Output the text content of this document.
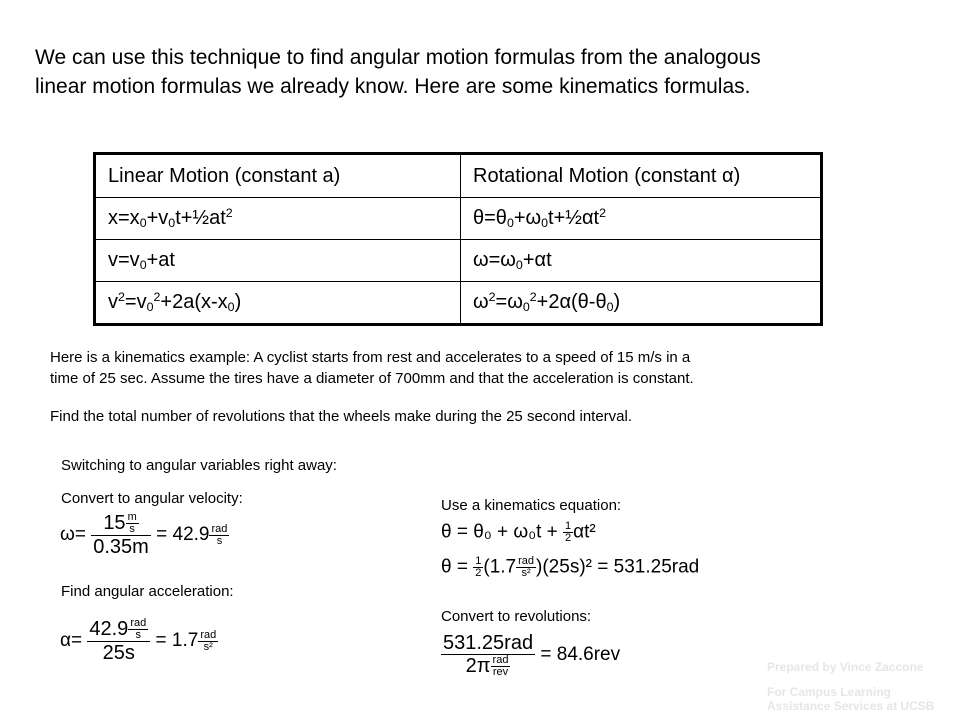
We can use this technique to find angular motion formulas from the analogous
linear motion formulas we already know. Here are some kinematics formulas.
Linear Motion (constant a)	Rotational Motion (constant α)
$x=x_0+v_0t+\frac{1}{2}at^2$	$\theta=\theta_0+\omega_0t+\frac{1}{2}\alpha t^2$
$v=v_0+at$	$\omega=\omega_0+\alpha t$
$v^2=v_0^2+2a(x-x_0)$	$\omega^2=\omega_0^2+2\alpha(\theta-\theta_0)$
Here is a kinematics example: A cyclist starts from rest and accelerates to a speed of 15 m/s in a
time of 25 sec. Assume the tires have a diameter of 700mm and that the acceleration is constant.
Find the total number of revolutions that the wheels make during the 25 second interval.
Switching to angular variables right away:
Convert to angular velocity:
Find angular acceleration:
Use a kinematics equation:
Convert to revolutions:
$\omega= \frac{15 \frac{m}{s}}{0.35m} = 42.9 \frac{\text{rad}}{s}$
$\alpha= \frac{42.9 \frac{\text{rad}}{s}}{25s} = 1.7 \frac{\text{rad}}{\text{s²}}$
$\theta = \theta_0 + \omega_0t + \frac{1}{2} \alpha t^2$
$\theta = \frac{1}{2} (1.7 \frac{\text{rad}}{\text{s²}} )(25s)^2 = 531.25rad$
$\frac{\text{531.25rad}}{2\pi \frac{\text{rad}}{\text{rev}}} = 84.6rev$
Prepared by Vince Zaccone
For Campus Learning
Assistance Services at UCSB
